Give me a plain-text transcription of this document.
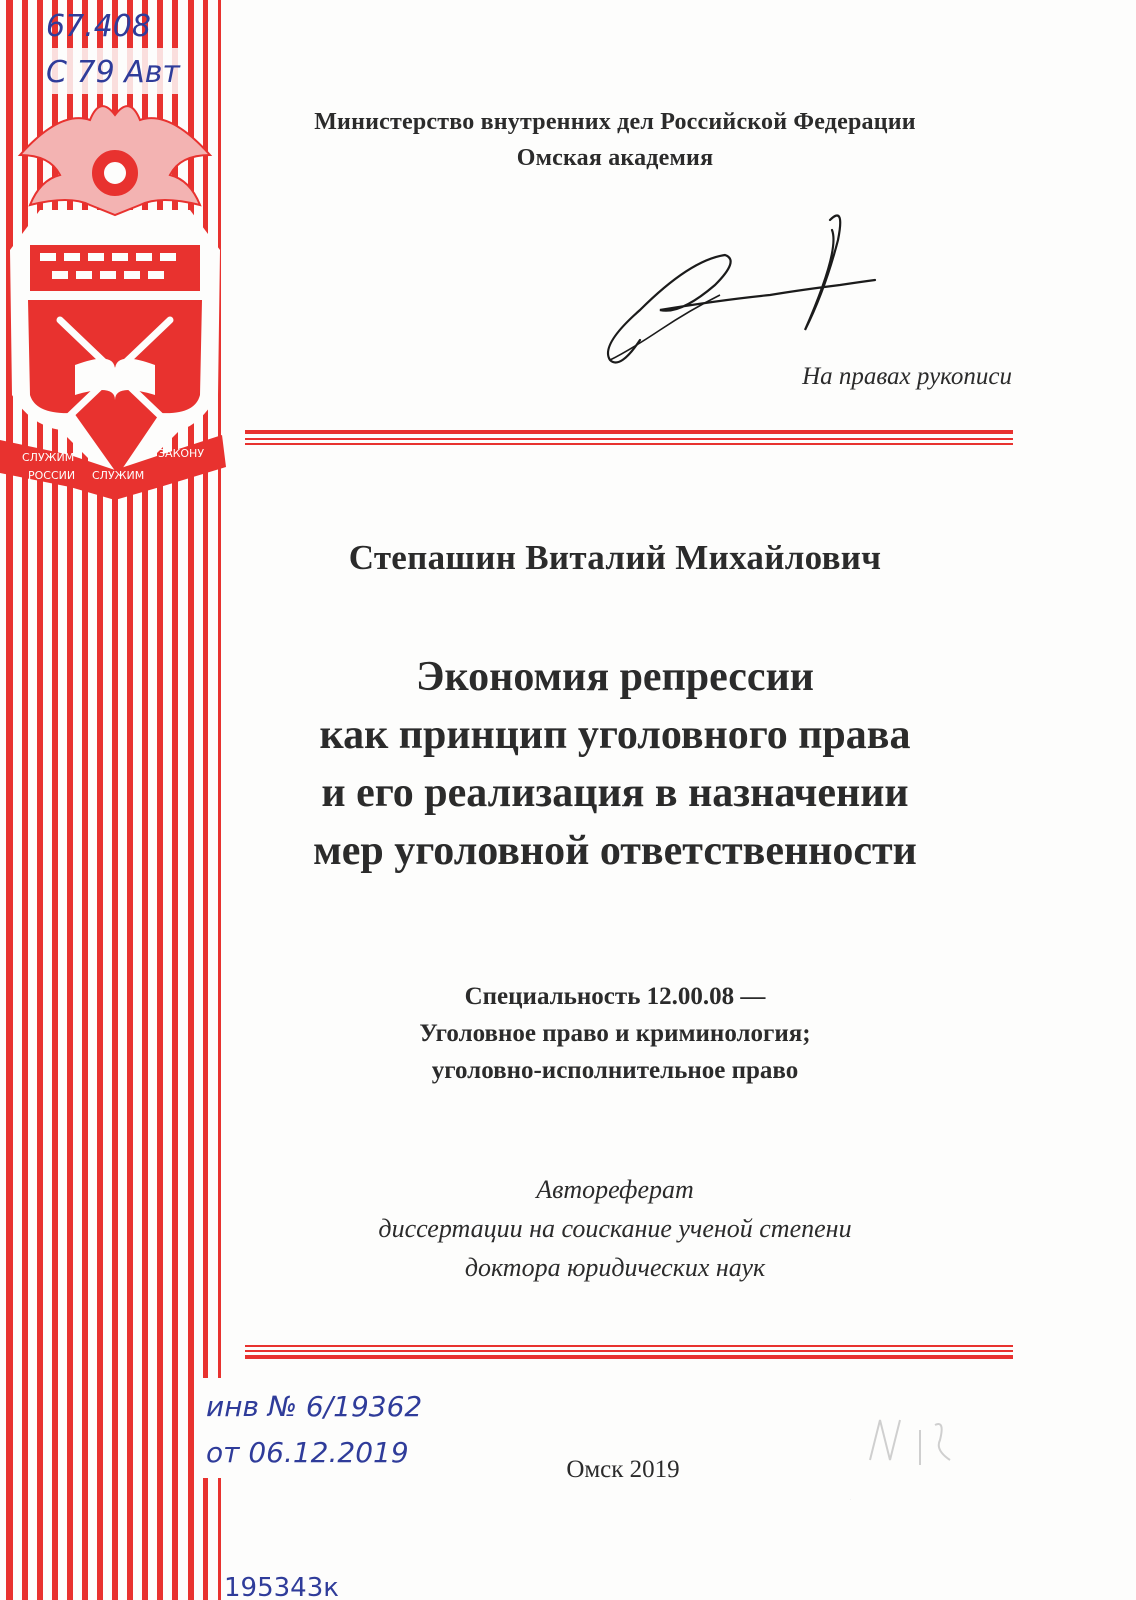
СЛУЖИМ
РОССИИ СЛУЖИМ
ЗАКОНУ
67.408
С 79 Авт
Министерство внутренних дел Российской Федерации
Омская академия
На правах рукописи
Степашин Виталий Михайлович
Экономия репрессии
как принцип уголовного права
и его реализация в назначении
мер уголовной ответственности
Специальность 12.00.08 —
Уголовное право и криминология;
уголовно-исполнительное право
Автореферат
диссертации на соискание ученой степени
доктора юридических наук
инв № 6/19362
от 06.12.2019
Омск 2019
195343к
